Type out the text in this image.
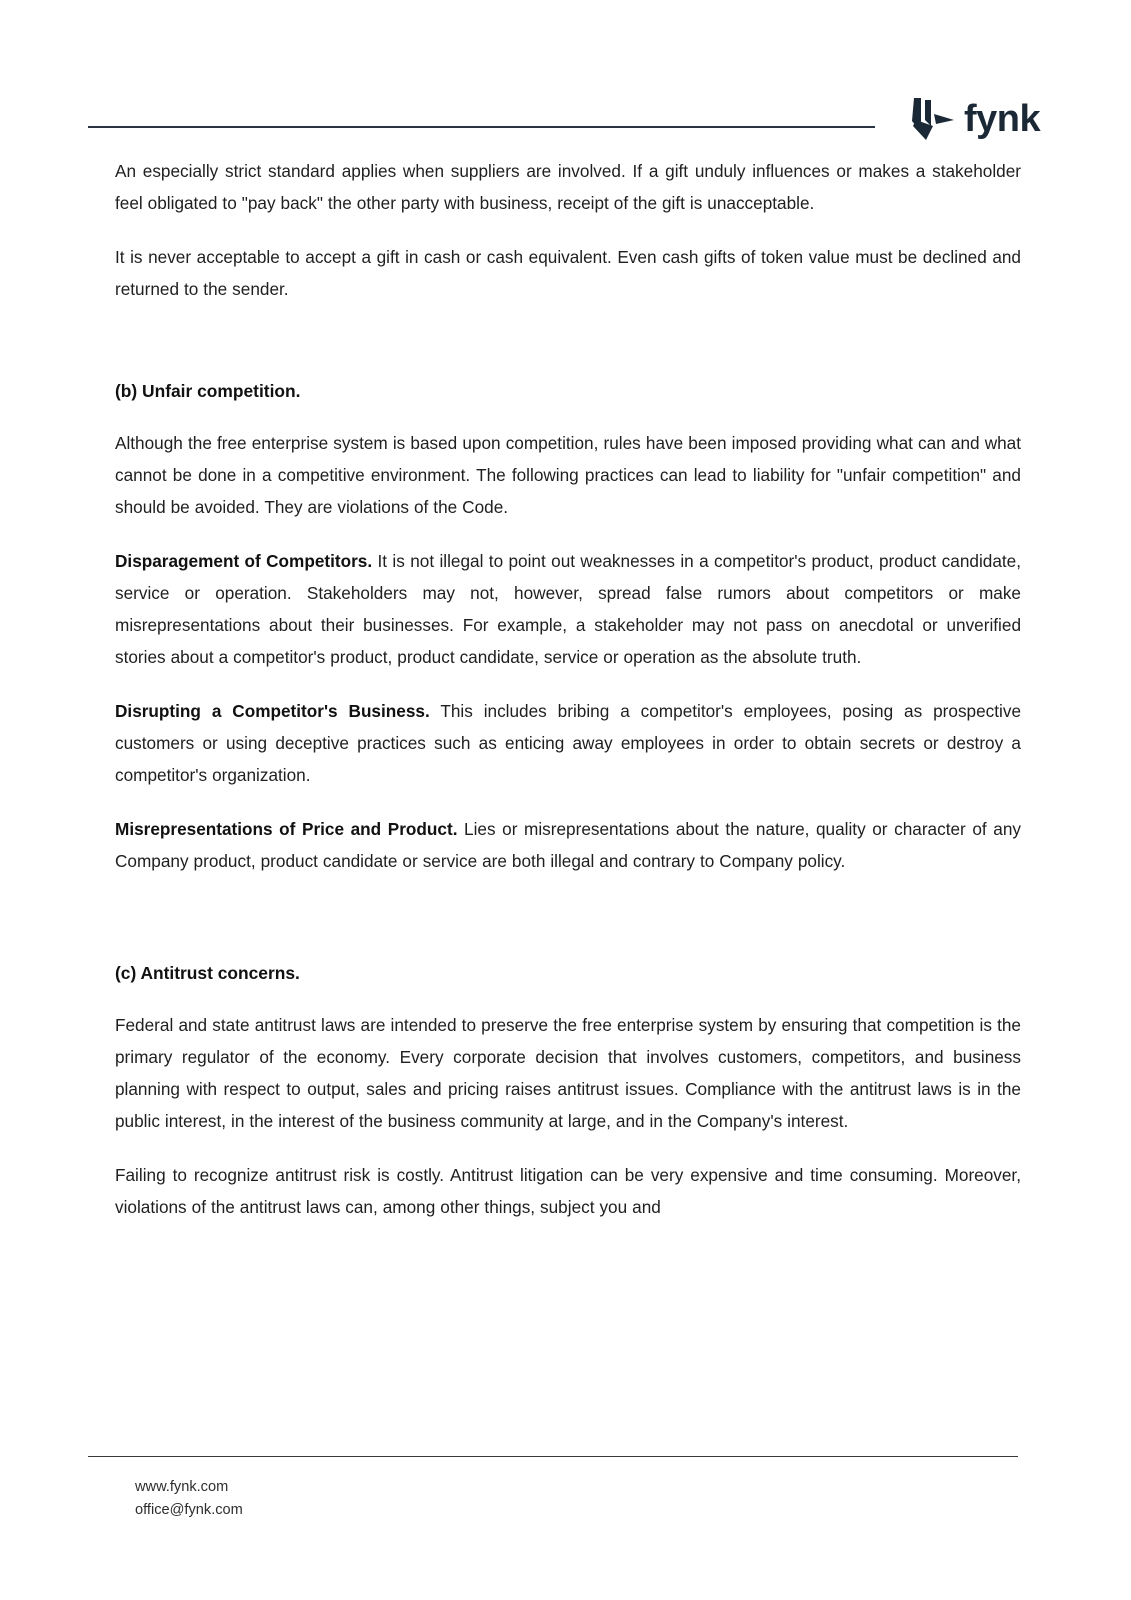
fynk

An especially strict standard applies when suppliers are involved. If a gift unduly influences or makes a stakeholder feel obligated to "pay back" the other party with business, receipt of the gift is unacceptable.

It is never acceptable to accept a gift in cash or cash equivalent. Even cash gifts of token value must be declined and returned to the sender.

(b) Unfair competition.

Although the free enterprise system is based upon competition, rules have been imposed providing what can and what cannot be done in a competitive environment. The following practices can lead to liability for "unfair competition" and should be avoided. They are violations of the Code.

Disparagement of Competitors. It is not illegal to point out weaknesses in a competitor's product, product candidate, service or operation. Stakeholders may not, however, spread false rumors about competitors or make misrepresentations about their businesses. For example, a stakeholder may not pass on anecdotal or unverified stories about a competitor's product, product candidate, service or operation as the absolute truth.

Disrupting a Competitor's Business. This includes bribing a competitor's employees, posing as prospective customers or using deceptive practices such as enticing away employees in order to obtain secrets or destroy a competitor's organization.

Misrepresentations of Price and Product. Lies or misrepresentations about the nature, quality or character of any Company product, product candidate or service are both illegal and contrary to Company policy.

(c) Antitrust concerns.

Federal and state antitrust laws are intended to preserve the free enterprise system by ensuring that competition is the primary regulator of the economy. Every corporate decision that involves customers, competitors, and business planning with respect to output, sales and pricing raises antitrust issues. Compliance with the antitrust laws is in the public interest, in the interest of the business community at large, and in the Company's interest.

Failing to recognize antitrust risk is costly. Antitrust litigation can be very expensive and time consuming. Moreover, violations of the antitrust laws can, among other things, subject you and

www.fynk.com
office@fynk.com
